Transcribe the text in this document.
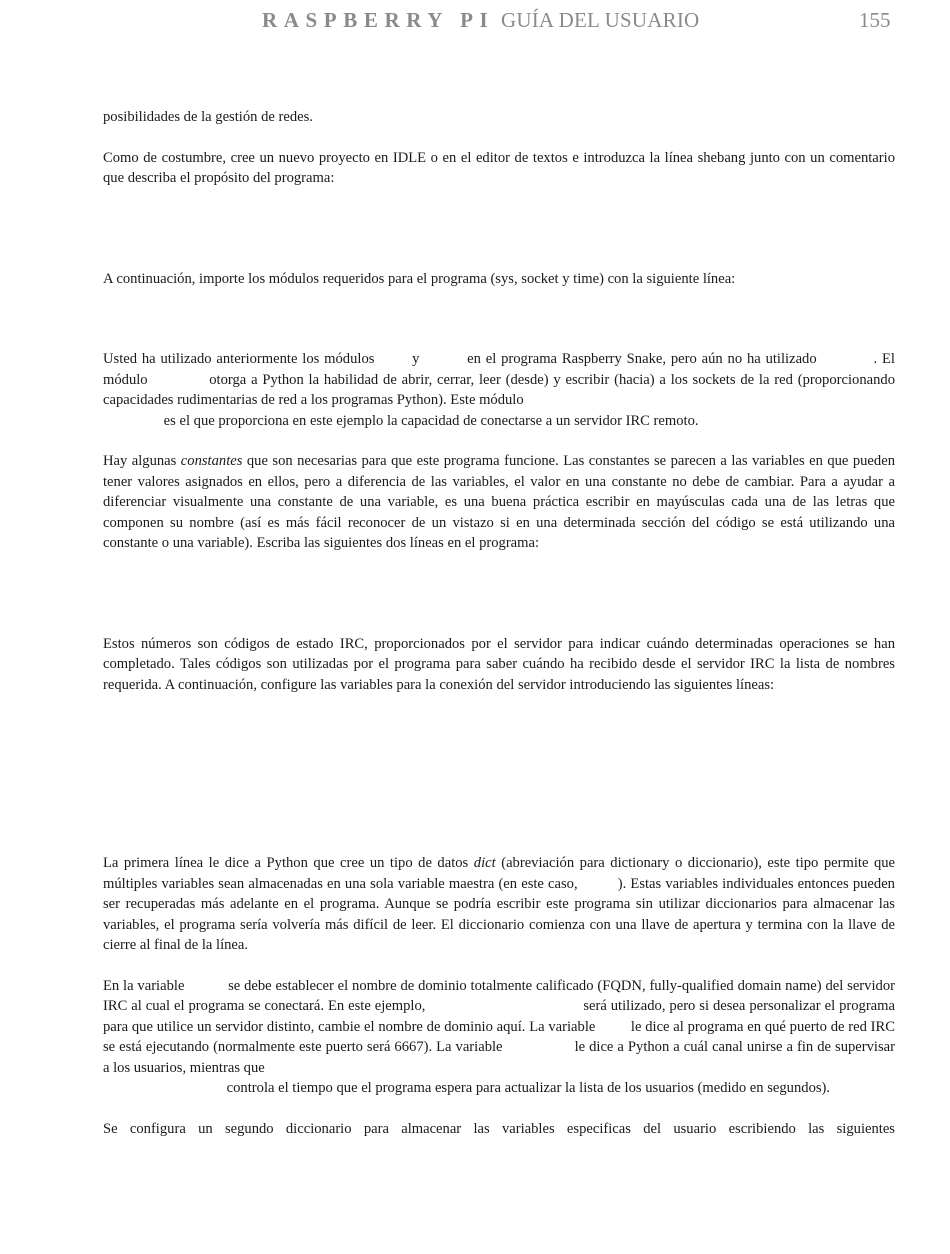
RASPBERRY PI GUÍA DEL USUARIO	155

posibilidades de la gestión de redes.

Como de costumbre, cree un nuevo proyecto en IDLE o en el editor de textos e introduzca la línea shebang junto con un comentario que describa el propósito del programa:

A continuación, importe los módulos requeridos para el programa (sys, socket y time) con la siguiente línea:

Usted ha utilizado anteriormente los módulos	y	en el programa Raspberry Snake, pero aún no ha utilizado	. El módulo	otorga a Python la habilidad de abrir, cerrar, leer (desde) y escribir (hacia) a los sockets de la red (proporcionando capacidades rudimentarias de red a los programas Python). Este módulo
es el que proporciona en este ejemplo la capacidad de conectarse a un servidor IRC remoto.

Hay algunas constantes que son necesarias para que este programa funcione. Las constantes se parecen a las variables en que pueden tener valores asignados en ellos, pero a diferencia de las variables, el valor en una constante no debe de cambiar. Para a ayudar a diferenciar visualmente una constante de una variable, es una buena práctica escribir en mayúsculas cada una de las letras que componen su nombre (así es más fácil reconocer de un vistazo si en una determinada sección del código se está utilizando una constante o una variable). Escriba las siguientes dos líneas en el programa:

Estos números son códigos de estado IRC, proporcionados por el servidor para indicar cuándo determinadas operaciones se han completado. Tales códigos son utilizadas por el programa para saber cuándo ha recibido desde el servidor IRC la lista de nombres requerida. A continuación, configure las variables para la conexión del servidor introduciendo las siguientes líneas:

La primera línea le dice a Python que cree un tipo de datos dict (abreviación para dictionary o diccionario), este tipo permite que múltiples variables sean almacenadas en una sola variable maestra (en este caso,	). Estas variables individuales entonces pueden ser recuperadas más adelante en el programa. Aunque se podría escribir este programa sin utilizar diccionarios para almacenar las variables, el programa sería volvería más difícil de leer. El diccionario comienza con una llave de apertura y termina con la llave de cierre al final de la línea.

En la variable	se debe establecer el nombre de dominio totalmente calificado (FQDN, fully-qualified domain name) del servidor IRC al cual el programa se conectará. En este ejemplo,	será utilizado, pero si desea personalizar el programa para que utilice un servidor distinto, cambie el nombre de dominio aquí. La variable le dice al programa en qué puerto de red IRC se está ejecutando (normalmente este puerto será 6667). La variable	le dice a Python a cuál canal unirse a fin de supervisar a los usuarios, mientras que
controla el tiempo que el programa espera para actualizar la lista de los usuarios (medido en segundos).

Se configura un segundo diccionario para almacenar las variables especificas del usuario escribiendo las siguientes
